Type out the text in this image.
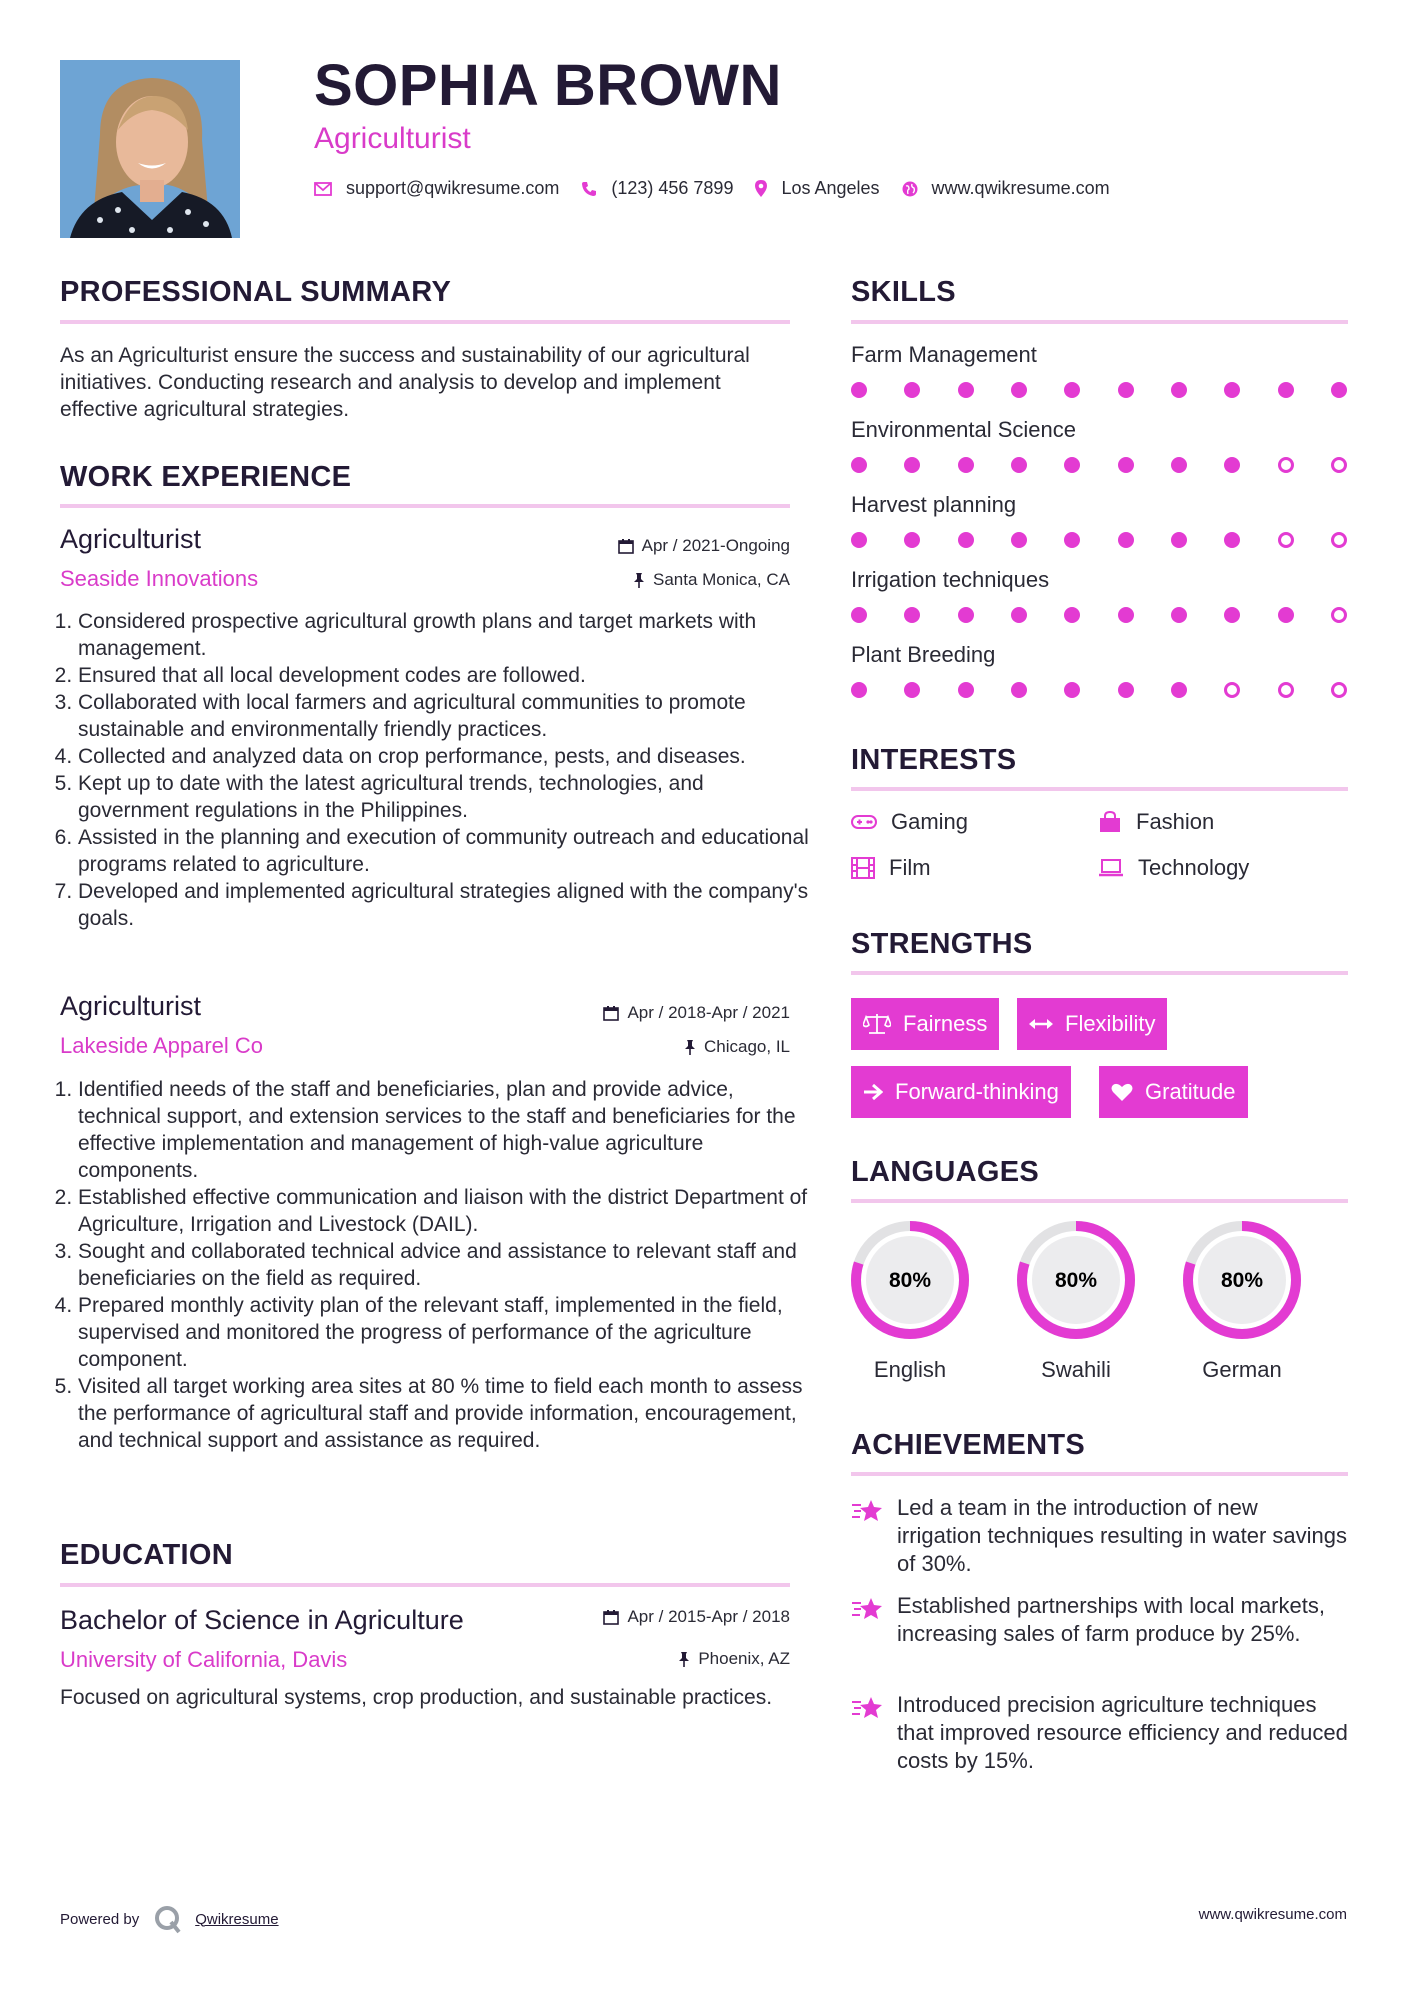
SOPHIA BROWN
Agriculturist
support@qwikresume.com	(123) 456 7899	Los Angeles	www.qwikresume.com
PROFESSIONAL SUMMARY
As an Agriculturist ensure the success and sustainability of our agricultural initiatives. Conducting research and analysis to develop and implement effective agricultural strategies.
WORK EXPERIENCE
Agriculturist
Seaside Innovations
Apr / 2021-Ongoing
Santa Monica, CA
1. Considered prospective agricultural growth plans and target markets with management.
2. Ensured that all local development codes are followed.
3. Collaborated with local farmers and agricultural communities to promote sustainable and environmentally friendly practices.
4. Collected and analyzed data on crop performance, pests, and diseases.
5. Kept up to date with the latest agricultural trends, technologies, and government regulations in the Philippines.
6. Assisted in the planning and execution of community outreach and educational programs related to agriculture.
7. Developed and implemented agricultural strategies aligned with the company's goals.
Agriculturist
Lakeside Apparel Co
Apr / 2018-Apr / 2021
Chicago, IL
1. Identified needs of the staff and beneficiaries, plan and provide advice, technical support, and extension services to the staff and beneficiaries for the effective implementation and management of high-value agriculture components.
2. Established effective communication and liaison with the district Department of Agriculture, Irrigation and Livestock (DAIL).
3. Sought and collaborated technical advice and assistance to relevant staff and beneficiaries on the field as required.
4. Prepared monthly activity plan of the relevant staff, implemented in the field, supervised and monitored the progress of performance of the agriculture component.
5. Visited all target working area sites at 80 % time to field each month to assess the performance of agricultural staff and provide information, encouragement, and technical support and assistance as required.
EDUCATION
Bachelor of Science in Agriculture
University of California, Davis
Apr / 2015-Apr / 2018
Phoenix, AZ
Focused on agricultural systems, crop production, and sustainable practices.
SKILLS
Farm Management
Environmental Science
Harvest planning
Irrigation techniques
Plant Breeding
INTERESTS
Gaming	Fashion
Film	Technology
STRENGTHS
Fairness	Flexibility
Forward-thinking	Gratitude
LANGUAGES
80%
English
80%
Swahili
80%
German
ACHIEVEMENTS
Led a team in the introduction of new irrigation techniques resulting in water savings of 30%.
Established partnerships with local markets, increasing sales of farm produce by 25%.
Introduced precision agriculture techniques that improved resource efficiency and reduced costs by 15%.
Powered by	Qwikresume	www.qwikresume.com
